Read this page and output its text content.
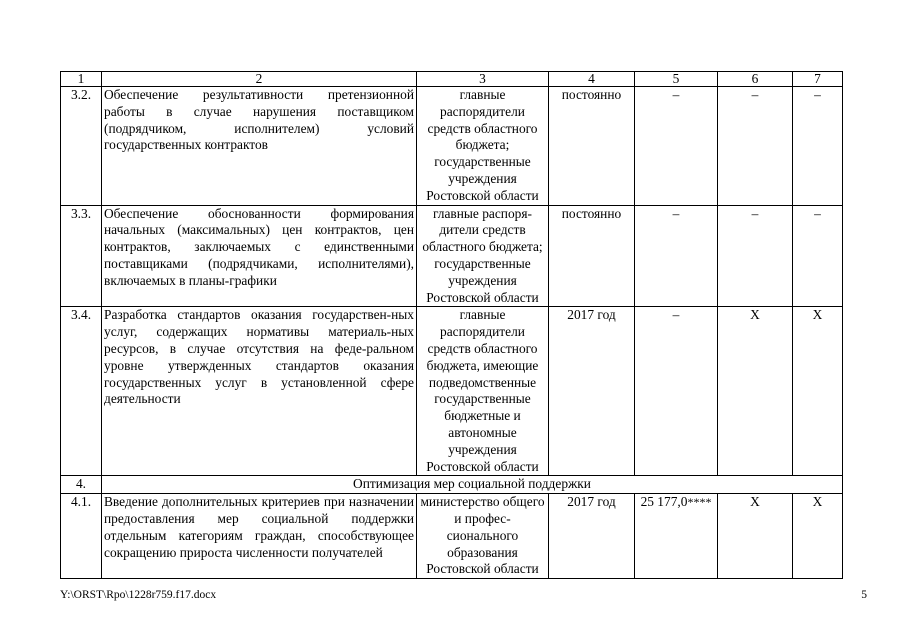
1	2	3	4	5	6	7
3.2.	Обеспечение результативности претензионной работы в случае нарушения поставщиком (подрядчиком, исполнителем) условий государственных контрактов	главные распорядители средств областного бюджета; государственные учреждения Ростовской области	постоянно	–	–	–
3.3.	Обеспечение обоснованности формирования начальных (максимальных) цен контрактов, цен контрактов, заключаемых с единственными поставщиками (подрядчиками, исполнителями), включаемых в планы-графики	главные распоря-дители средств областного бюджета; государственные учреждения Ростовской области	постоянно	–	–	–
3.4.	Разработка стандартов оказания государствен-ных услуг, содержащих нормативы материаль-ных ресурсов, в случае отсутствия на феде-ральном уровне утвержденных стандартов оказания государственных услуг в установленной сфере деятельности	главные распорядители средств областного бюджета, имеющие подведомственные государственные бюджетные и автономные учреждения Ростовской области	2017 год	–	Х	Х
4.	Оптимизация мер социальной поддержки					
4.1.	Введение дополнительных критериев при назначении предоставления мер социальной поддержки отдельным категориям граждан, способствующее сокращению прироста численности получателей	министерство общего и профес-сионального образования Ростовской области	2017 год	25 177,0****	Х	Х
Y:\ORST\Rpo\1228r759.f17.docx	5
